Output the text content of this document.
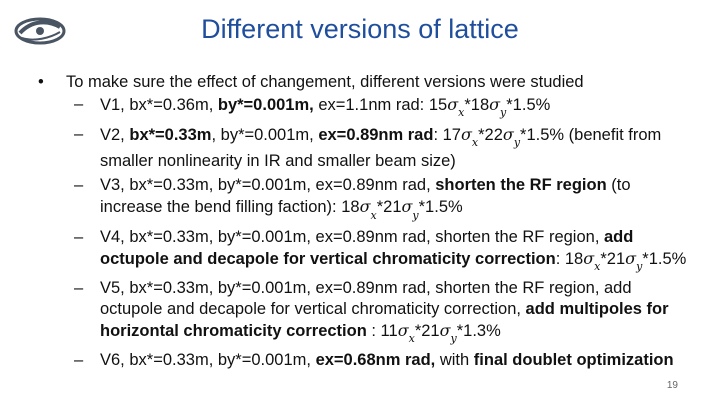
Different versions of lattice
• To make sure the effect of changement, different versions were studied
– V1, bx*=0.36m, by*=0.001m, ex=1.1nm rad: $15\sigma_x*18\sigma_y*1.5\%$
– V2, bx*=0.33m, by*=0.001m, ex=0.89nm rad: $17\sigma_x*22\sigma_y*1.5\%$ (benefit from smaller nonlinearity in IR and smaller beam size)
– V3, bx*=0.33m, by*=0.001m, ex=0.89nm rad, shorten the RF region (to increase the bend filling faction): $18\sigma_x*21\sigma_y*1.5\%$
– V4, bx*=0.33m, by*=0.001m, ex=0.89nm rad, shorten the RF region, add octupole and decapole for vertical chromaticity correction: $18\sigma_x*21\sigma_y*1.5\%$
– V5, bx*=0.33m, by*=0.001m, ex=0.89nm rad, shorten the RF region, add octupole and decapole for vertical chromaticity correction, add multipoles for horizontal chromaticity correction : $11\sigma_x*21\sigma_y*1.3\%$
– V6, bx*=0.33m, by*=0.001m, ex=0.68nm rad, with final doublet optimization
19
